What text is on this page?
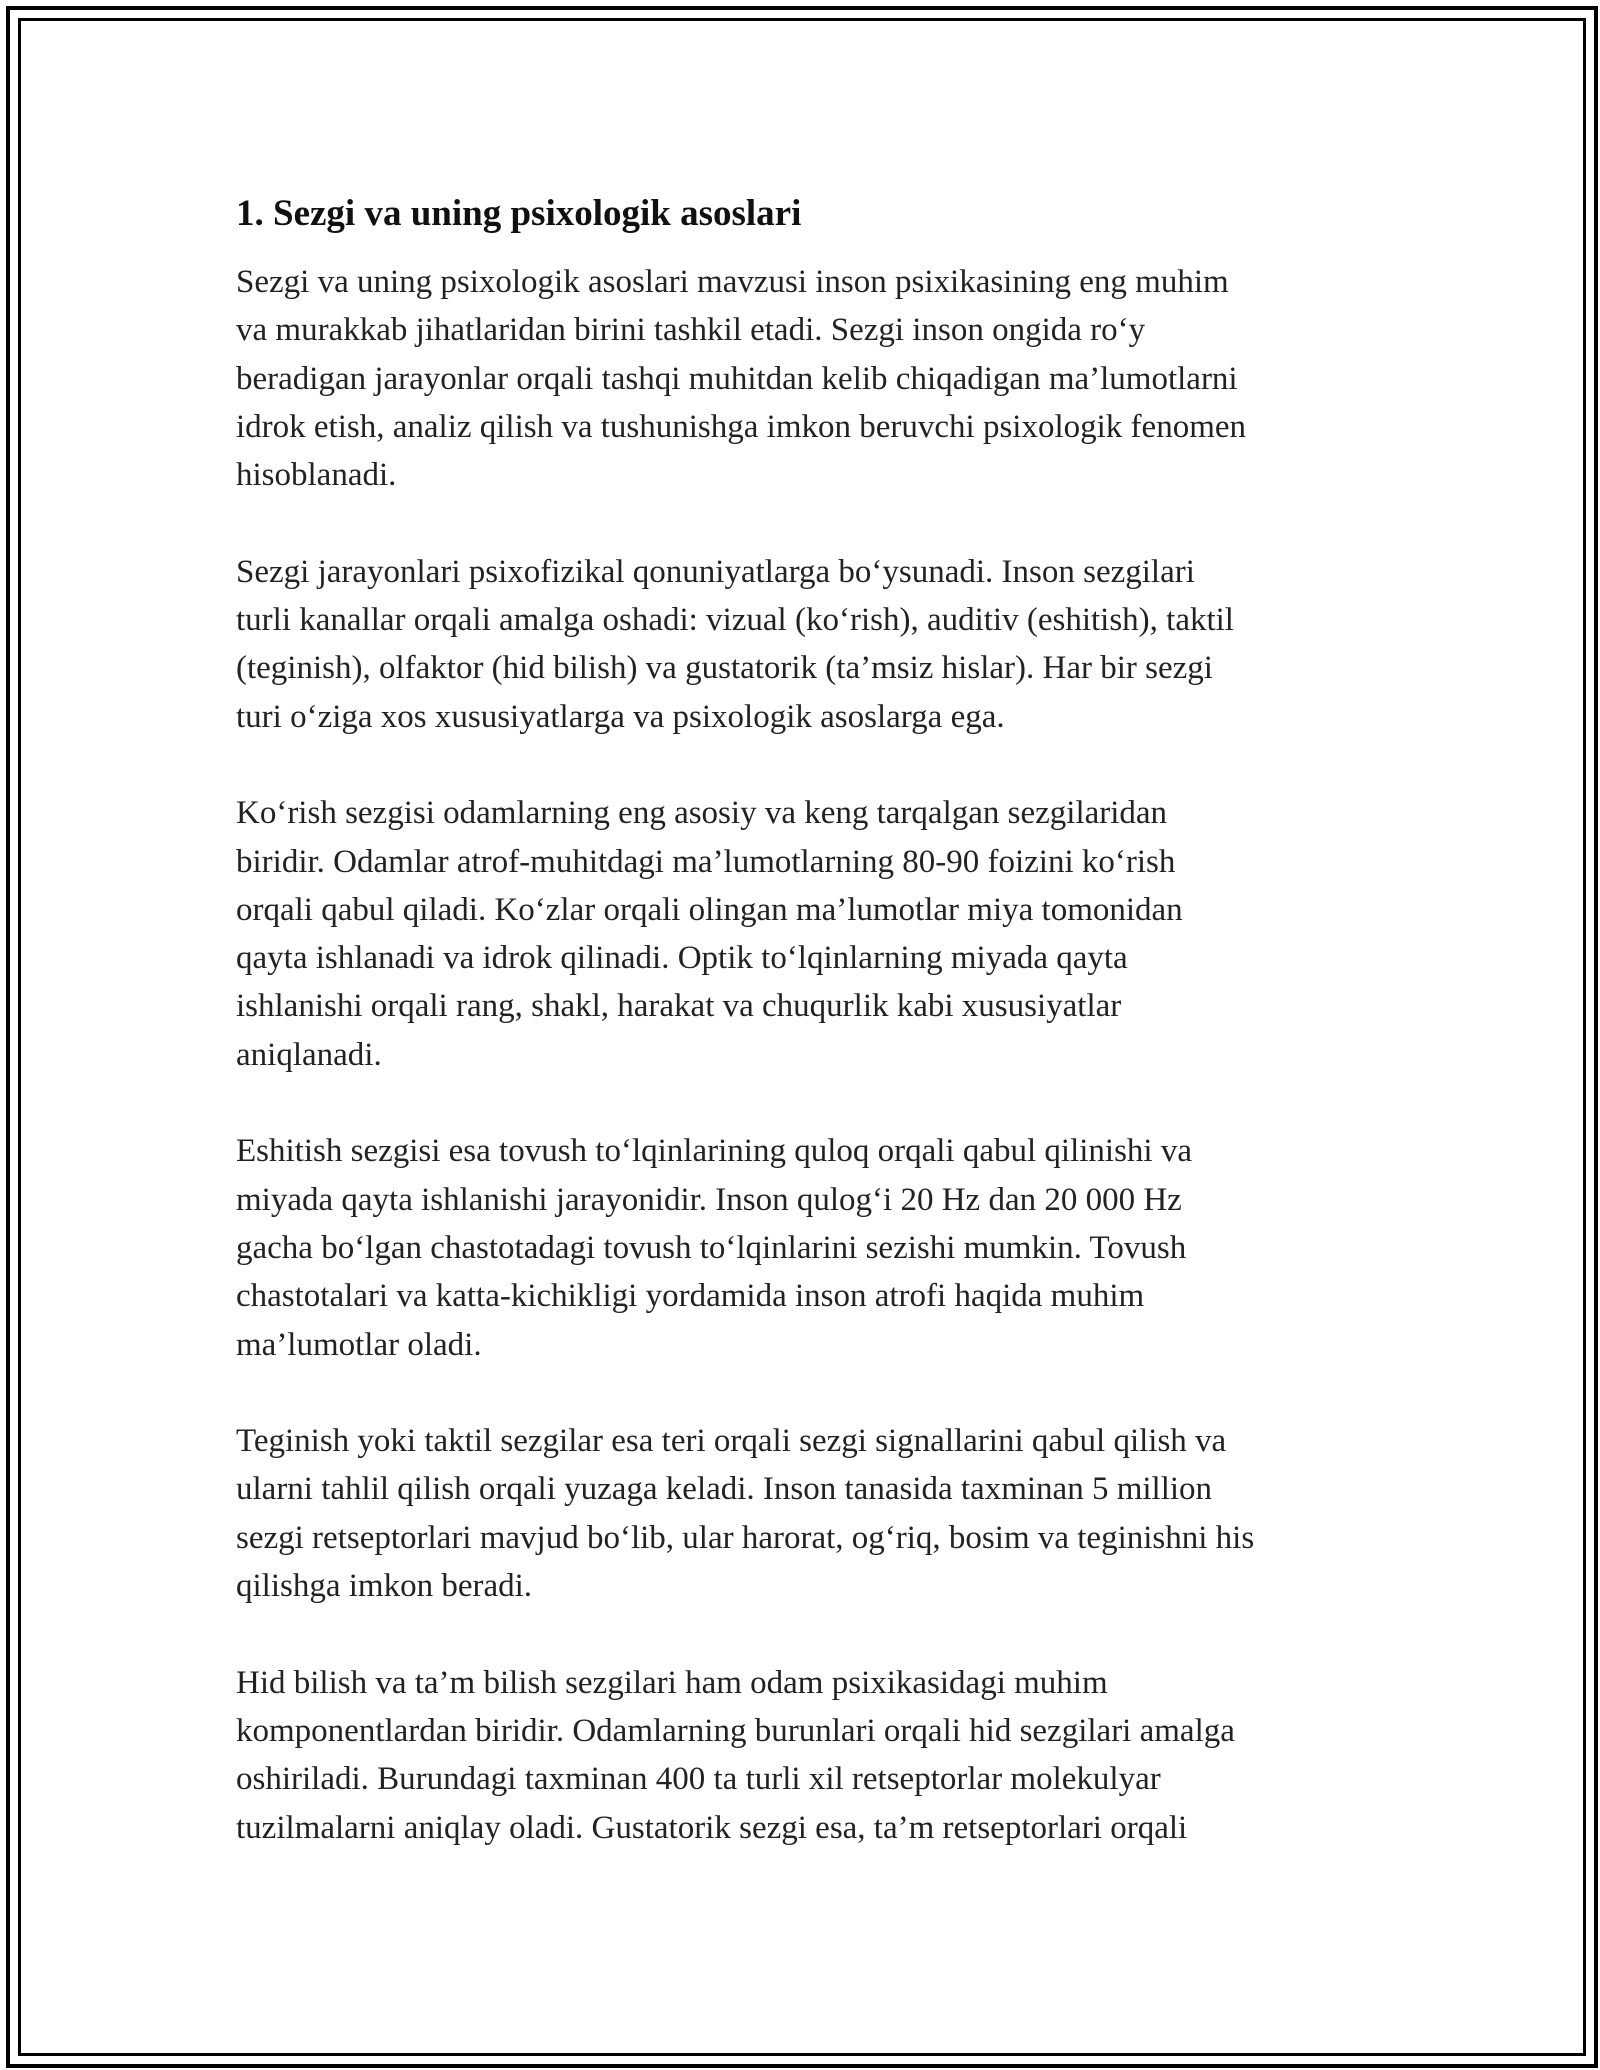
1. Sezgi va uning psixologik asoslari

Sezgi va uning psixologik asoslari mavzusi inson psixikasining eng muhim
va murakkab jihatlaridan birini tashkil etadi. Sezgi inson ongida ro‘y
beradigan jarayonlar orqali tashqi muhitdan kelib chiqadigan ma’lumotlarni
idrok etish, analiz qilish va tushunishga imkon beruvchi psixologik fenomen
hisoblanadi.

Sezgi jarayonlari psixofizikal qonuniyatlarga bo‘ysunadi. Inson sezgilari
turli kanallar orqali amalga oshadi: vizual (ko‘rish), auditiv (eshitish), taktil
(teginish), olfaktor (hid bilish) va gustatorik (ta’msiz hislar). Har bir sezgi
turi o‘ziga xos xususiyatlarga va psixologik asoslarga ega.

Ko‘rish sezgisi odamlarning eng asosiy va keng tarqalgan sezgilaridan
biridir. Odamlar atrof-muhitdagi ma’lumotlarning 80-90 foizini ko‘rish
orqali qabul qiladi. Ko‘zlar orqali olingan ma’lumotlar miya tomonidan
qayta ishlanadi va idrok qilinadi. Optik to‘lqinlarning miyada qayta
ishlanishi orqali rang, shakl, harakat va chuqurlik kabi xususiyatlar
aniqlanadi.

Eshitish sezgisi esa tovush to‘lqinlarining quloq orqali qabul qilinishi va
miyada qayta ishlanishi jarayonidir. Inson qulog‘i 20 Hz dan 20 000 Hz
gacha bo‘lgan chastotadagi tovush to‘lqinlarini sezishi mumkin. Tovush
chastotalari va katta-kichikligi yordamida inson atrofi haqida muhim
ma’lumotlar oladi.

Teginish yoki taktil sezgilar esa teri orqali sezgi signallarini qabul qilish va
ularni tahlil qilish orqali yuzaga keladi. Inson tanasida taxminan 5 million
sezgi retseptorlari mavjud bo‘lib, ular harorat, og‘riq, bosim va teginishni his
qilishga imkon beradi.

Hid bilish va ta’m bilish sezgilari ham odam psixikasidagi muhim
komponentlardan biridir. Odamlarning burunlari orqali hid sezgilari amalga
oshiriladi. Burundagi taxminan 400 ta turli xil retseptorlar molekulyar
tuzilmalarni aniqlay oladi. Gustatorik sezgi esa, ta’m retseptorlari orqali
